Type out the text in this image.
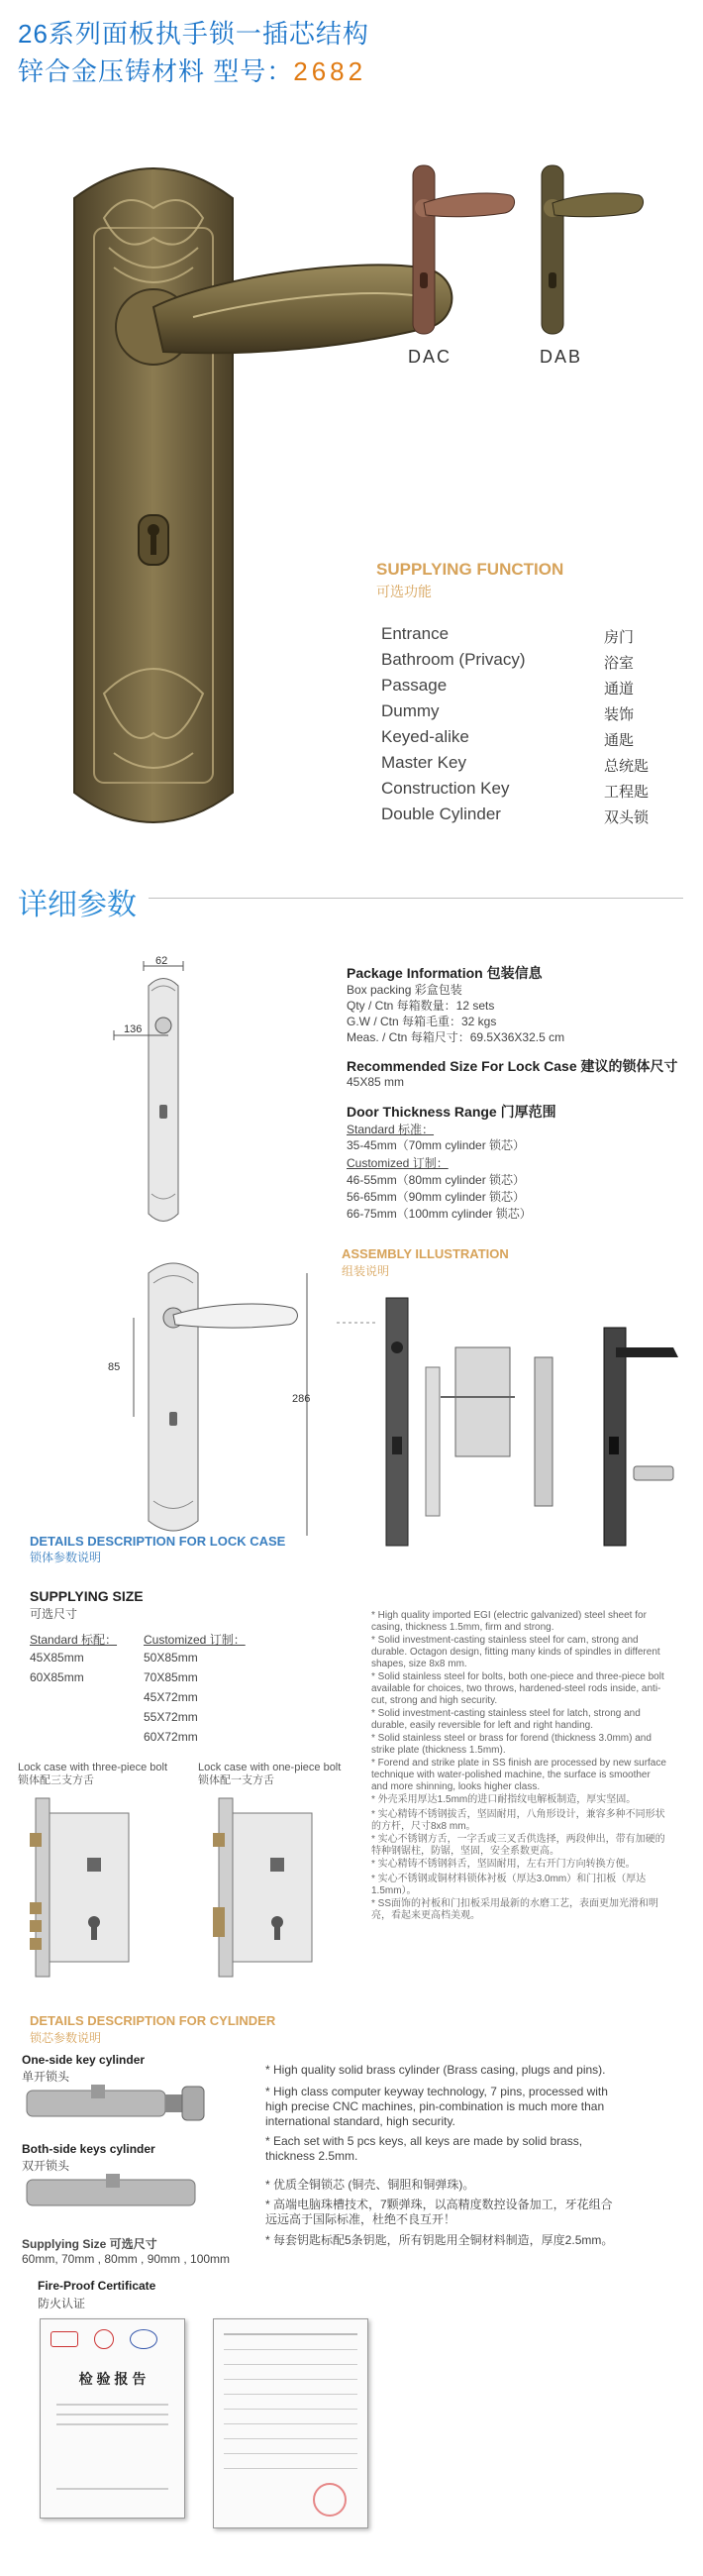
26系列面板执手锁一插芯结构
锌合金压铸材料 型号：2682
DAC	DAB
SUPPLYING FUNCTION
可选功能
Entrance	房门
Bathroom (Privacy)	浴室
Passage	通道
Dummy	装饰
Keyed-alike	通匙
Master Key	总统匙
Construction Key	工程匙
Double Cylinder	双头锁
详细参数
62
136
85
286
Package Information 包装信息
Box packing 彩盒包装
Qty / Ctn 每箱数量：12 sets
G.W / Ctn 每箱毛重：32 kgs
Meas. / Ctn 每箱尺寸：69.5X36X32.5 cm
Recommended Size For Lock Case 建议的锁体尺寸
45X85 mm
Door Thickness Range 门厚范围
Standard 标准：
35-45mm（70mm cylinder 锁芯）
Customized 订制：
46-55mm（80mm cylinder 锁芯）
56-65mm（90mm cylinder 锁芯）
66-75mm（100mm cylinder 锁芯）
ASSEMBLY ILLUSTRATION
组装说明
DETAILS DESCRIPTION FOR LOCK CASE
锁体参数说明
SUPPLYING SIZE
可选尺寸
Standard 标配：
45X85mm
60X85mm
Customized 订制：
50X85mm
70X85mm
45X72mm
55X72mm
60X72mm
Lock case with three-piece bolt
锁体配三支方舌
Lock case with one-piece bolt
锁体配一支方舌
* High quality imported EGI (electric galvanized) steel sheet for casing, thickness 1.5mm, firm and strong.
* Solid investment-casting stainless steel for cam, strong and durable. Octagon design, fitting many kinds of spindles in different shapes, size 8x8 mm.
* Solid stainless steel for bolts, both one-piece and three-piece bolt available for choices, two throws, hardened-steel rods inside, anti-cut, strong and high security.
* Solid investment-casting stainless steel for latch, strong and durable, easily reversible for left and right handing.
* Solid stainless steel or brass for forend (thickness 3.0mm) and strike plate (thickness 1.5mm).
* Forend and strike plate in SS finish are processed by new surface technique with water-polished machine, the surface is smoother and more shinning, looks higher class.
* 外壳采用厚达1.5mm的进口耐指纹电解板制造，厚实坚固。
* 实心精铸不锈钢拔舌，坚固耐用，八角形设计，兼容多种不同形状的方杆，尺寸8x8 mm。
* 实心不锈钢方舌，一字舌或三叉舌供选择，两段伸出，带有加硬的特种钢锯柱，防锯，坚固，安全系数更高。
* 实心精铸不锈钢斜舌，坚固耐用，左右开门方向转换方便。
* 实心不锈钢或铜材料锁体衬板（厚达3.0mm）和门扣板（厚达1.5mm）。
* SS面饰的衬板和门扣板采用最新的水磨工艺，表面更加光滑和明亮，看起来更高档美观。
DETAILS DESCRIPTION FOR CYLINDER
锁芯参数说明
One-side key cylinder
单开锁头
Both-side keys cylinder
双开锁头
Supplying Size 可选尺寸
60mm, 70mm , 80mm , 90mm , 100mm
* High quality solid brass cylinder (Brass casing, plugs and pins).
* High class computer keyway technology, 7 pins, processed with high precise CNC machines, pin-combination is much more than international standard, high security.
* Each set with 5 pcs keys, all keys are made by solid brass, thickness 2.5mm.
* 优质全铜锁芯 (铜壳、铜胆和铜弹珠)。
* 高端电脑珠槽技术，7颗弹珠，以高精度数控设备加工，牙花组合远远高于国际标准，杜绝不良互开！
* 每套钥匙标配5条钥匙，所有钥匙用全铜材料制造，厚度2.5mm。
Fire-Proof Certificate
防火认证
检 验 报 告
